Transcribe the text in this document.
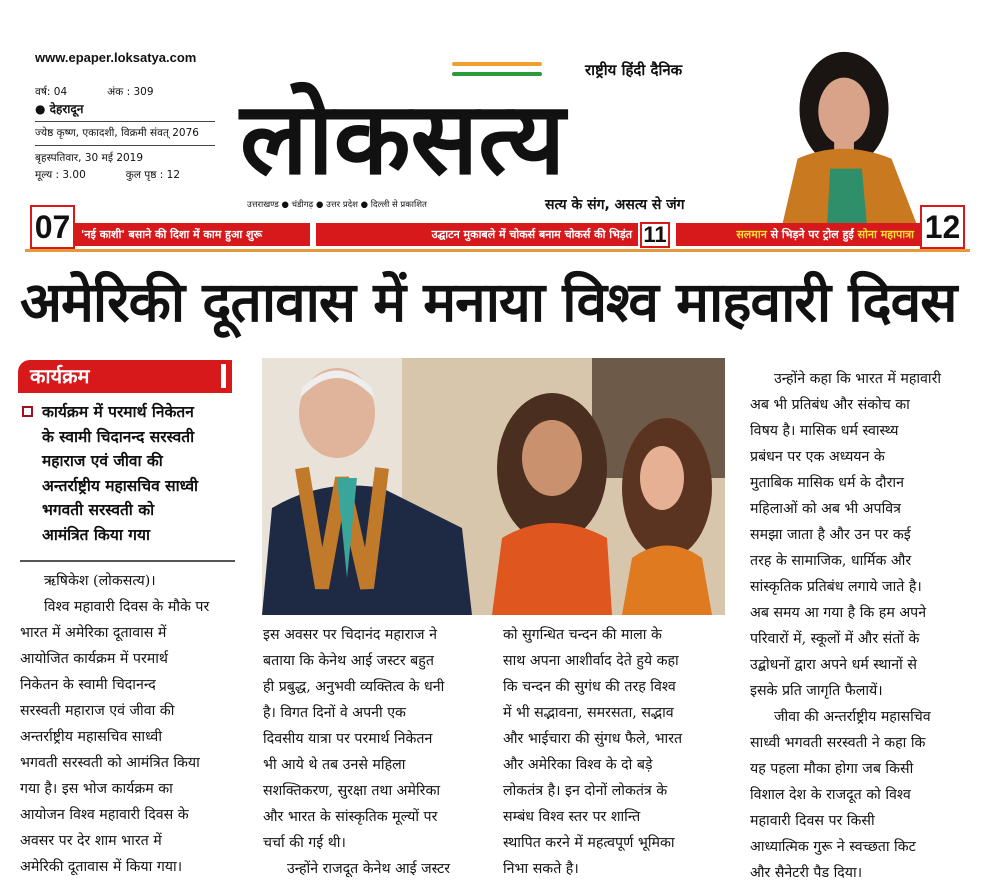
www.epaper.loksatya.com
वर्ष: 04	अंक : 309
● देहरादून
ज्येष्ठ कृष्ण, एकादशी, विक्रमी संवत् 2076
बृहस्पतिवार, 30 मई 2019
मूल्य : 3.00	कुल पृष्ठ : 12 लोकसत्य
राष्ट्रीय हिंदी दैनिक
उत्तराखण्ड ● चंडीगढ़ ● उत्तर प्रदेश ● दिल्ली से प्रकाशित	सत्य के संग, असत्य से जंग
07 'नई काशी' बसाने की दिशा में काम हुआ शुरू	उद्घाटन मुकाबले में चोकर्स बनाम चोकर्स की भिड़ंत 11	सलमान से भिड़ने पर ट्रोल हुईं सोना महापात्रा 12
अमेरिकी दूतावास में मनाया विश्व माहवारी दिवस
कार्यक्रम
कार्यक्रम में परमार्थ निकेतन
के स्वामी चिदानन्द सरस्वती
महाराज एवं जीवा की
अन्तर्राष्ट्रीय महासचिव साध्वी
भगवती सरस्वती को
आमंत्रित किया गया
ऋषिकेश (लोकसत्य)।
विश्व महावारी दिवस के मौके पर
भारत में अमेरिका दूतावास में
आयोजित कार्यक्रम में परमार्थ
निकेतन के स्वामी चिदानन्द
सरस्वती महाराज एवं जीवा की
अन्तर्राष्ट्रीय महासचिव साध्वी
भगवती सरस्वती को आमंत्रित किया
गया है। इस भोज कार्यक्रम का
आयोजन विश्व महावारी दिवस के
अवसर पर देर शाम भारत में
अमेरिकी दूतावास में किया गया।
इस अवसर पर चिदानंद महाराज ने
बताया कि केनेथ आई जस्टर बहुत
ही प्रबुद्ध, अनुभवी व्यक्तित्व के धनी
है। विगत दिनों वे अपनी एक
दिवसीय यात्रा पर परमार्थ निकेतन
भी आये थे तब उनसे महिला
सशक्तिकरण, सुरक्षा तथा अमेरिका
और भारत के सांस्कृतिक मूल्यों पर
चर्चा की गई थी।
उन्होंने राजदूत केनेथ आई जस्टर
को सुगन्धित चन्दन की माला के
साथ अपना आशीर्वाद देते हुये कहा
कि चन्दन की सुगंध की तरह विश्व
में भी सद्भावना, समरसता, सद्भाव
और भाईचारा की सुंगध फैले, भारत
और अमेरिका विश्व के दो बड़े
लोकतंत्र है। इन दोनों लोकतंत्र के
सम्बंध विश्व स्तर पर शान्ति
स्थापित करने में महत्वपूर्ण भूमिका
निभा सकते है।
उन्होंने कहा कि भारत में महावारी
अब भी प्रतिबंध और संकोच का
विषय है। मासिक धर्म स्वास्थ्य
प्रबंधन पर एक अध्ययन के
मुताबिक मासिक धर्म के दौरान
महिलाओं को अब भी अपवित्र
समझा जाता है और उन पर कई
तरह के सामाजिक, धार्मिक और
सांस्कृतिक प्रतिबंध लगाये जाते है।
अब समय आ गया है कि हम अपने
परिवारों में, स्कूलों में और संतों के
उद्बोधनों द्वारा अपने धर्म स्थानों से
इसके प्रति जागृति फैलायें।
जीवा की अन्तर्राष्ट्रीय महासचिव
साध्वी भगवती सरस्वती ने कहा कि
यह पहला मौका होगा जब किसी
विशाल देश के राजदूत को विश्व
महावारी दिवस पर किसी
आध्यात्मिक गुरू ने स्वच्छता किट
और सैनेटरी पैड दिया।
